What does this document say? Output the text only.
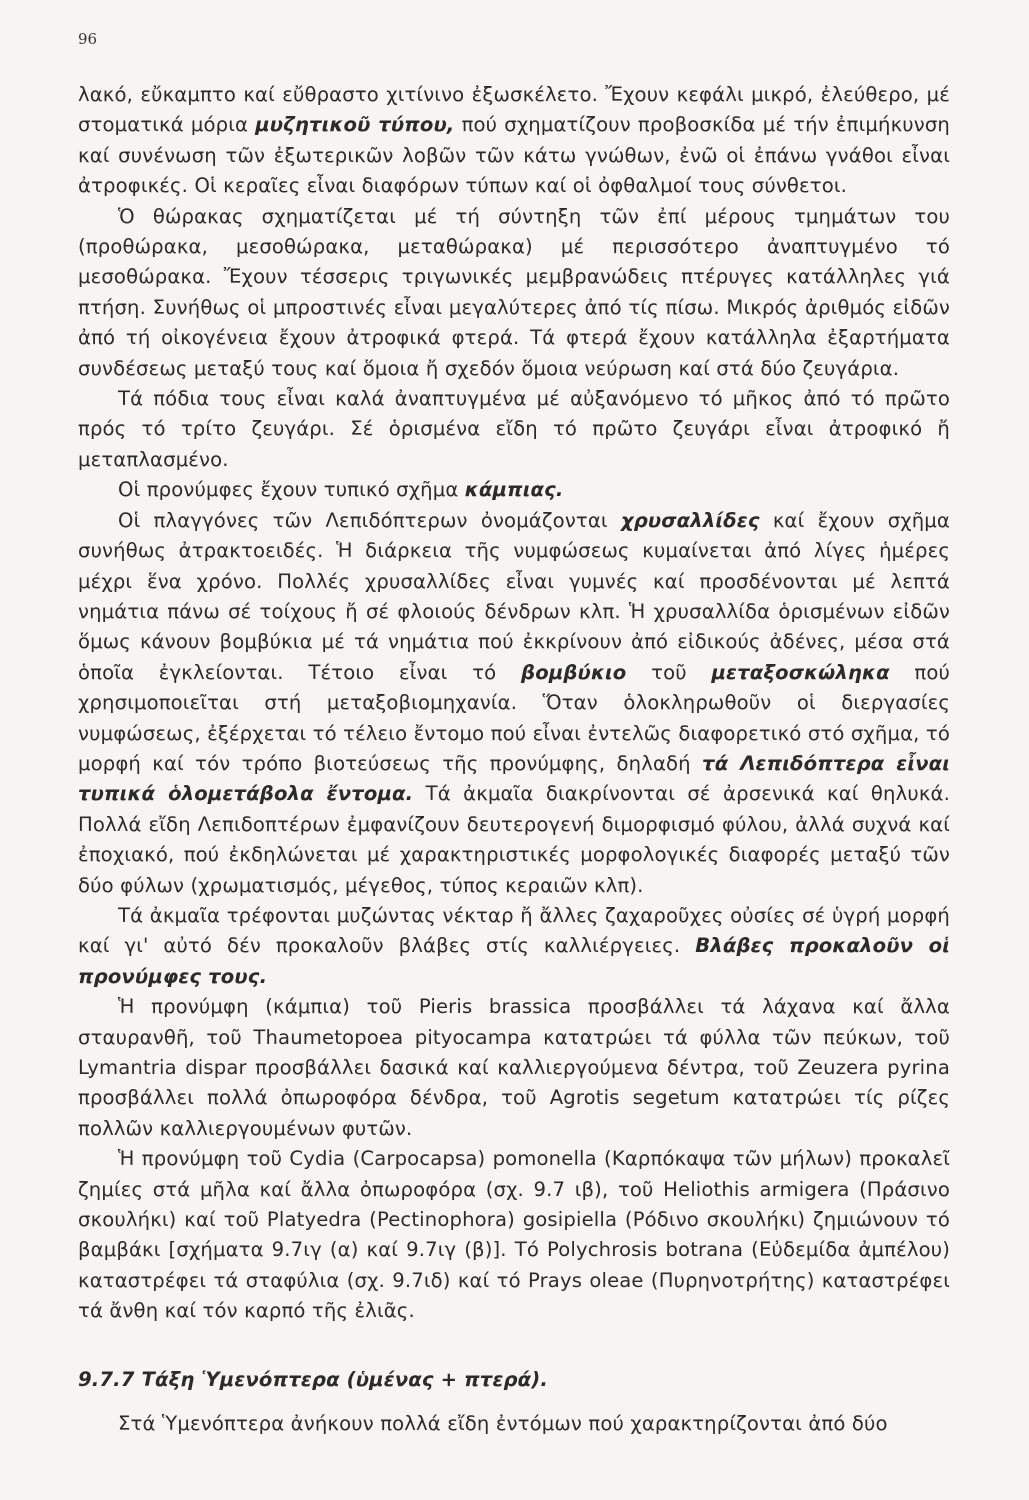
96

λακό, εὔκαμπτο καί εὔθραστο χιτίνινο ἐξωσκέλετο. Ἔχουν κεφάλι μικρό, ἐλεύθερο, μέ στοματικά μόρια μυζητικοῦ τύπου, πού σχηματίζουν προβοσκίδα μέ τήν ἐπιμήκυνση καί συνένωση τῶν ἐξωτερικῶν λοβῶν τῶν κάτω γνώθων, ἐνῶ οἱ ἐπάνω γνάθοι εἶναι ἀτροφικές. Οἱ κεραῖες εἶναι διαφόρων τύπων καί οἱ ὀφθαλμοί τους σύνθετοι.

Ὁ θώρακας σχηματίζεται μέ τή σύντηξη τῶν ἐπί μέρους τμημάτων του (προθώρακα, μεσοθώρακα, μεταθώρακα) μέ περισσότερο ἀναπτυγμένο τό μεσοθώρακα. Ἔχουν τέσσερις τριγωνικές μεμβρανώδεις πτέρυγες κατάλληλες γιά πτήση. Συνήθως οἱ μπροστινές εἶναι μεγαλύτερες ἀπό τίς πίσω. Μικρός ἀριθμός εἰδῶν ἀπό τή οἰκογένεια ἔχουν ἀτροφικά φτερά. Τά φτερά ἔχουν κατάλληλα ἐξαρτήματα συνδέσεως μεταξύ τους καί ὅμοια ἤ σχεδόν ὅμοια νεύρωση καί στά δύο ζευγάρια.

Τά πόδια τους εἶναι καλά ἀναπτυγμένα μέ αὐξανόμενο τό μῆκος ἀπό τό πρῶτο πρός τό τρίτο ζευγάρι. Σέ ὁρισμένα εἴδη τό πρῶτο ζευγάρι εἶναι ἀτροφικό ἤ μεταπλασμένο.

Οἱ προνύμφες ἔχουν τυπικό σχῆμα κάμπιας.

Οἱ πλαγγόνες τῶν Λεπιδόπτερων ὀνομάζονται χρυσαλλίδες καί ἔχουν σχῆμα συνήθως ἀτρακτοειδές. Ἡ διάρκεια τῆς νυμφώσεως κυμαίνεται ἀπό λίγες ἡμέρες μέχρι ἕνα χρόνο. Πολλές χρυσαλλίδες εἶναι γυμνές καί προσδένονται μέ λεπτά νημάτια πάνω σέ τοίχους ἤ σέ φλοιούς δένδρων κλπ. Ἡ χρυσαλλίδα ὁρισμένων εἰδῶν ὅμως κάνουν βομβύκια μέ τά νημάτια πού ἐκκρίνουν ἀπό εἰδικούς ἀδένες, μέσα στά ὁποῖα ἐγκλείονται. Τέτοιο εἶναι τό βομβύκιο τοῦ μεταξοσκώληκα πού χρησιμοποιεῖται στή μεταξοβιομηχανία. Ὅταν ὁλοκληρωθοῦν οἱ διεργασίες νυμφώσεως, ἐξέρχεται τό τέλειο ἔντομο πού εἶναι ἐντελῶς διαφορετικό στό σχῆμα, τό μορφή καί τόν τρόπο βιοτεύσεως τῆς προνύμφης, δηλαδή τά Λεπιδόπτερα εἶναι τυπικά ὁλομετάβολα ἔντομα. Τά ἀκμαῖα διακρίνονται σέ ἀρσενικά καί θηλυκά. Πολλά εἴδη Λεπιδοπτέρων ἐμφανίζουν δευτερογενή διμορφισμό φύλου, ἀλλά συχνά καί ἐποχιακό, πού ἐκδηλώνεται μέ χαρακτηριστικές μορφολογικές διαφορές μεταξύ τῶν δύο φύλων (χρωματισμός, μέγεθος, τύπος κεραιῶν κλπ).

Τά ἀκμαῖα τρέφονται μυζώντας νέκταρ ἤ ἄλλες ζαχαροῦχες οὐσίες σέ ὑγρή μορφή καί γι' αὐτό δέν προκαλοῦν βλάβες στίς καλλιέργειες. Βλάβες προκαλοῦν οἱ προνύμφες τους.

Ἡ προνύμφη (κάμπια) τοῦ Pieris brassica προσβάλλει τά λάχανα καί ἄλλα σταυρανθῆ, τοῦ Thaumetopoea pityocampa κατατρώει τά φύλλα τῶν πεύκων, τοῦ Lymantria dispar προσβάλλει δασικά καί καλλιεργούμενα δέντρα, τοῦ Zeuzera pyrina προσβάλλει πολλά ὀπωροφόρα δένδρα, τοῦ Agrotis segetum κατατρώει τίς ρίζες πολλῶν καλλιεργουμένων φυτῶν.

Ἡ προνύμφη τοῦ Cydia (Carpocapsa) pomonella (Καρπόκαψα τῶν μήλων) προκαλεῖ ζημίες στά μῆλα καί ἄλλα ὀπωροφόρα (σχ. 9.7 ιβ), τοῦ Heliothis armigera (Πράσινο σκουλήκι) καί τοῦ Platyedra (Pectinophora) gosipiella (Ρόδινο σκουλήκι) ζημιώνουν τό βαμβάκι [σχήματα 9.7ιγ (α) καί 9.7ιγ (β)]. Τό Polychrosis botrana (Εὐδεμίδα ἀμπέλου) καταστρέφει τά σταφύλια (σχ. 9.7ιδ) καί τό Prays oleae (Πυρηνοτρήτης) καταστρέφει τά ἄνθη καί τόν καρπό τῆς ἐλιᾶς.

9.7.7 Τάξη Ὑμενόπτερα (ὑμένας + πτερά).

Στά Ὑμενόπτερα ἀνήκουν πολλά εἴδη ἐντόμων πού χαρακτηρίζονται ἀπό δύο
